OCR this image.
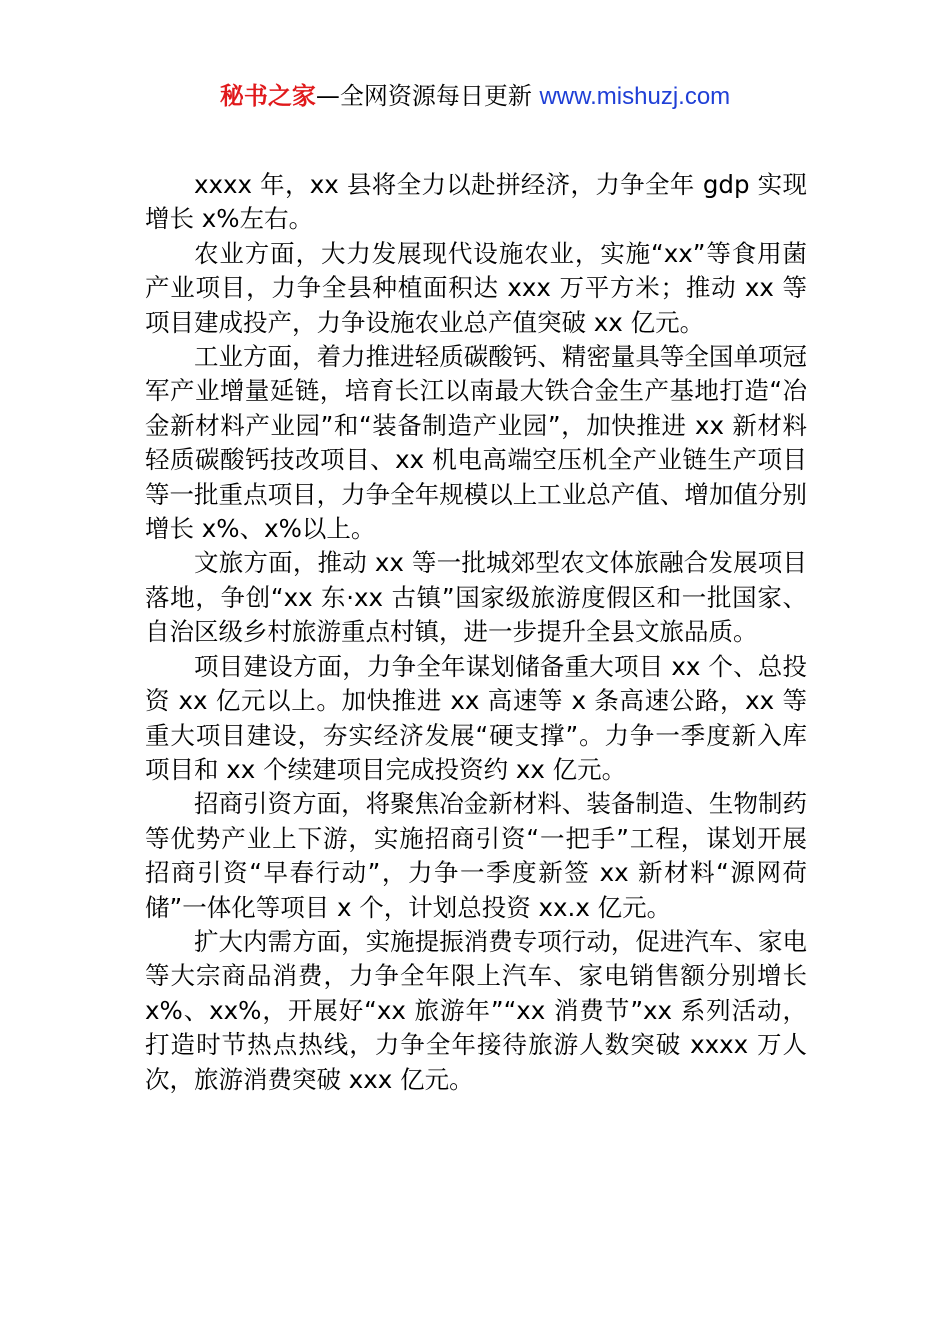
秘书之家—全网资源每日更新 www.mishuzj.com

xxxx 年，xx 县将全力以赴拼经济，力争全年 gdp 实现增长 x%左右。

农业方面，大力发展现代设施农业，实施“xx”等食用菌产业项目，力争全县种植面积达 xxx 万平方米；推动 xx 等项目建成投产，力争设施农业总产值突破 xx 亿元。

工业方面，着力推进轻质碳酸钙、精密量具等全国单项冠军产业增量延链，培育长江以南最大铁合金生产基地打造“冶金新材料产业园”和“装备制造产业园”，加快推进 xx 新材料轻质碳酸钙技改项目、xx 机电高端空压机全产业链生产项目等一批重点项目，力争全年规模以上工业总产值、增加值分别增长 x%、x%以上。

文旅方面，推动 xx 等一批城郊型农文体旅融合发展项目落地，争创“xx 东·xx 古镇”国家级旅游度假区和一批国家、自治区级乡村旅游重点村镇，进一步提升全县文旅品质。

项目建设方面，力争全年谋划储备重大项目 xx 个、总投资 xx 亿元以上。加快推进 xx 高速等 x 条高速公路，xx 等重大项目建设，夯实经济发展“硬支撑”。力争一季度新入库项目和 xx 个续建项目完成投资约 xx 亿元。

招商引资方面，将聚焦冶金新材料、装备制造、生物制药等优势产业上下游，实施招商引资“一把手”工程，谋划开展招商引资“早春行动”，力争一季度新签 xx 新材料“源网荷储”一体化等项目 x 个，计划总投资 xx.x 亿元。

扩大内需方面，实施提振消费专项行动，促进汽车、家电等大宗商品消费，力争全年限上汽车、家电销售额分别增长 x%、xx%，开展好“xx 旅游年”“xx 消费节”xx 系列活动，打造时节热点热线，力争全年接待旅游人数突破 xxxx 万人次，旅游消费突破 xxx 亿元。
